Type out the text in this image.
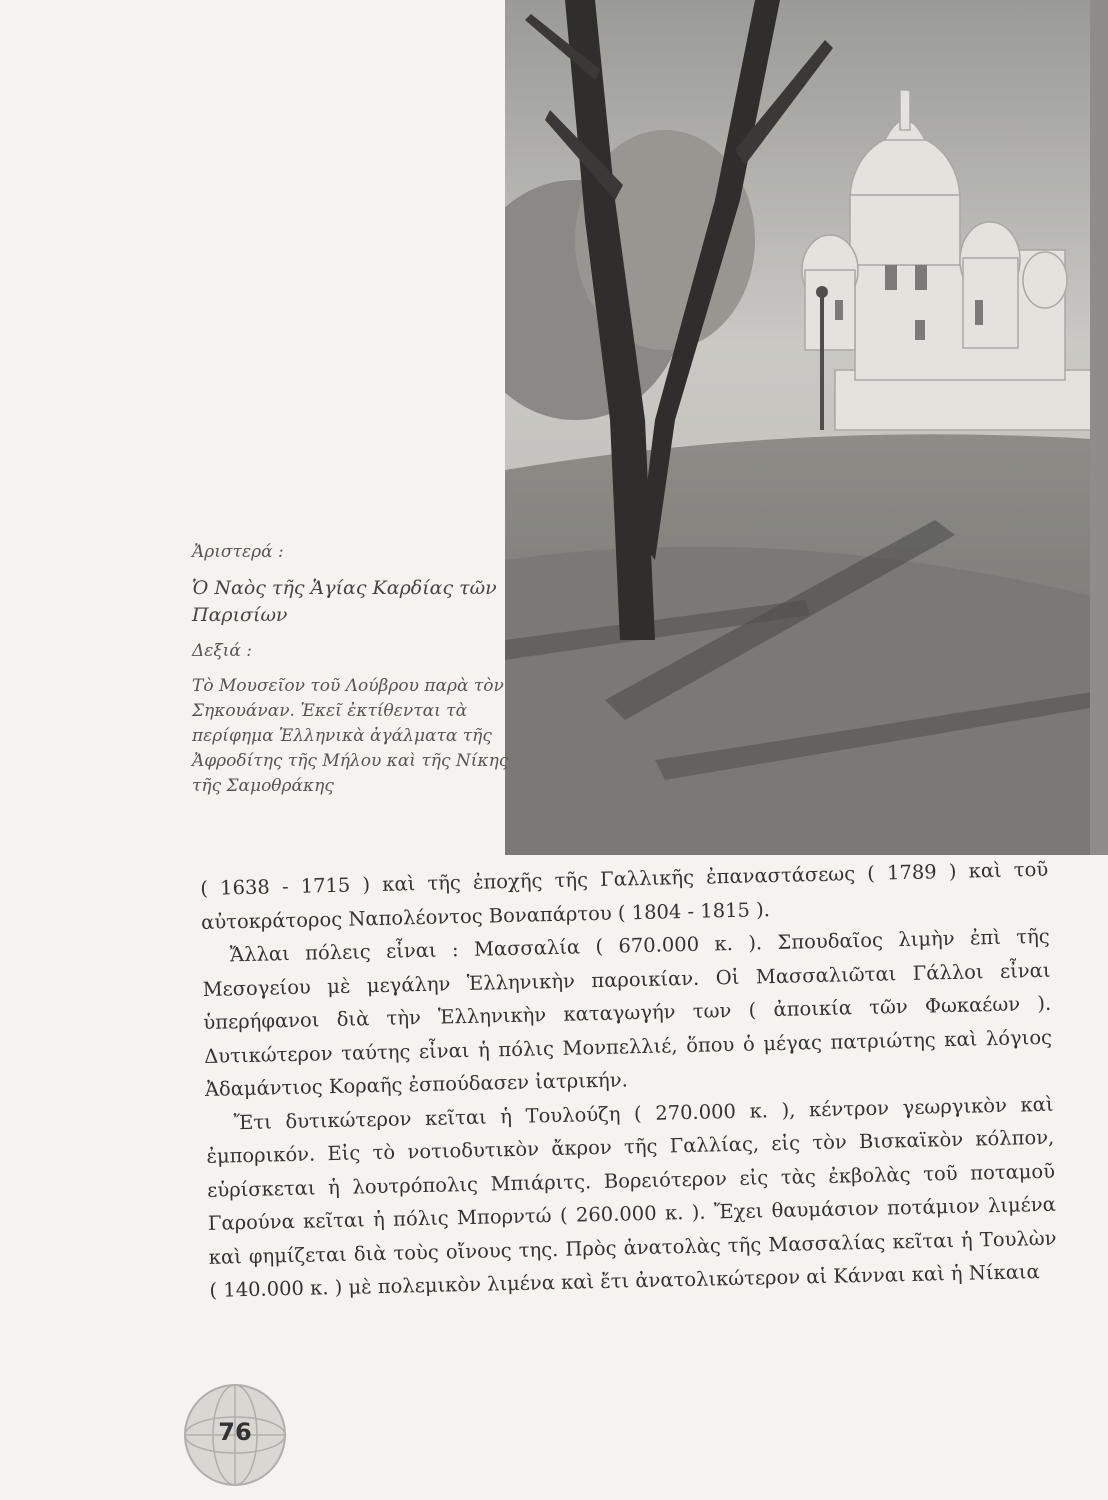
Ἀριστερά :
Ὁ Ναὸς τῆς Ἁγίας Καρδίας τῶν Παρισίων
Δεξιά :
Τὸ Μουσεῖον τοῦ Λούβρου παρὰ τὸν Σηκουάναν. Ἐκεῖ ἐκτίθενται τὰ περίφημα Ἑλληνικὰ ἀγάλματα τῆς Ἀφροδίτης τῆς Μήλου καὶ τῆς Νίκης τῆς Σαμοθράκης

( 1638 - 1715 ) καὶ τῆς ἐποχῆς τῆς Γαλλικῆς ἐπαναστάσεως ( 1789 ) καὶ τοῦ αὐτοκράτορος Ναπολέοντος Βοναπάρτου ( 1804 - 1815 ).

Ἄλλαι πόλεις εἶναι : Μασσαλία ( 670.000 κ. ). Σπουδαῖος λιμὴν ἐπὶ τῆς Μεσογείου μὲ μεγάλην Ἑλληνικὴν παροικίαν. Οἱ Μασσαλιῶται Γάλλοι εἶναι ὑπερήφανοι διὰ τὴν Ἑλληνικὴν καταγωγήν των ( ἀποικία τῶν Φωκαέων ). Δυτικώτερον ταύτης εἶναι ἡ πόλις Μονπελλιέ, ὅπου ὁ μέγας πατριώτης καὶ λόγιος Ἀδαμάντιος Κοραῆς ἐσπούδασεν ἰατρικήν.

Ἔτι δυτικώτερον κεῖται ἡ Τουλούζη ( 270.000 κ. ), κέντρον γεωργικὸν καὶ ἐμπορικόν. Εἰς τὸ νοτιοδυτικὸν ἄκρον τῆς Γαλλίας, εἰς τὸν Βισκαϊκὸν κόλπον, εὑρίσκεται ἡ λουτρόπολις Μπιάριτς. Βορειότερον εἰς τὰς ἐκβολὰς τοῦ ποταμοῦ Γαρούνα κεῖται ἡ πόλις Μπορντώ ( 260.000 κ. ). Ἔχει θαυμάσιον ποτάμιον λιμένα καὶ φημίζεται διὰ τοὺς οἴνους της. Πρὸς ἀνατολὰς τῆς Μασσαλίας κεῖται ἡ Τουλὼν ( 140.000 κ. ) μὲ πολεμικὸν λιμένα καὶ ἔτι ἀνατολικώτερον αἱ Κάνναι καὶ ἡ Νίκαια

76
